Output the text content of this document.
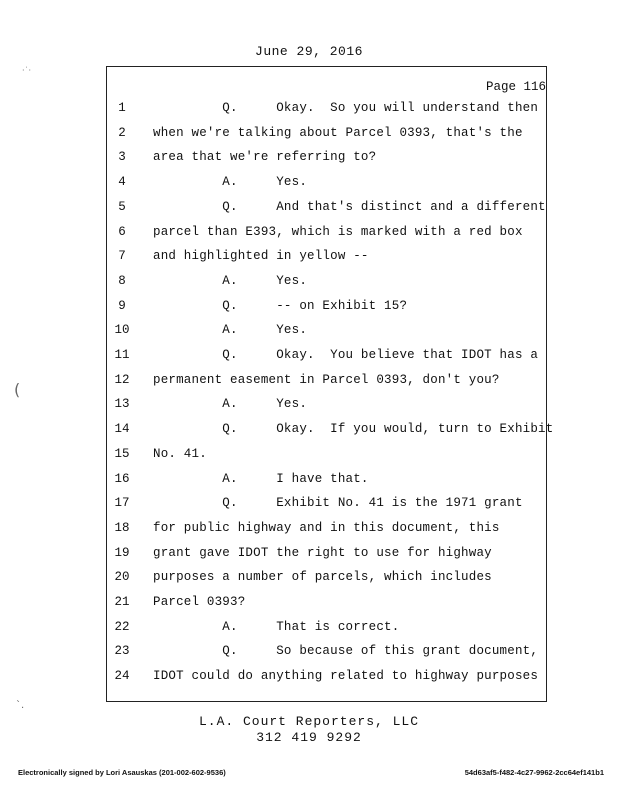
June 29, 2016
Page 116
1	Q.     Okay.  So you will understand then
2	when we're talking about Parcel 0393, that's the
3	area that we're referring to?
4	A.     Yes.
5	Q.     And that's distinct and a different
6	parcel than E393, which is marked with a red box
7	and highlighted in yellow --
8	A.     Yes.
9	Q.     -- on Exhibit 15?
10	A.     Yes.
11	Q.     Okay.  You believe that IDOT has a
12	permanent easement in Parcel 0393, don't you?
13	A.     Yes.
14	Q.     Okay.  If you would, turn to Exhibit
15	No. 41.
16	A.     I have that.
17	Q.     Exhibit No. 41 is the 1971 grant
18	for public highway and in this document, this
19	grant gave IDOT the right to use for highway
20	purposes a number of parcels, which includes
21	Parcel 0393?
22	A.     That is correct.
23	Q.     So because of this grant document,
24	IDOT could do anything related to highway purposes
L.A. Court Reporters, LLC
312 419 9292
Electronically signed by Lori Asauskas (201-002-602-9536)	54d63af5-f482-4c27-9962-2cc64ef141b1
·˙·
(
ˋ.
